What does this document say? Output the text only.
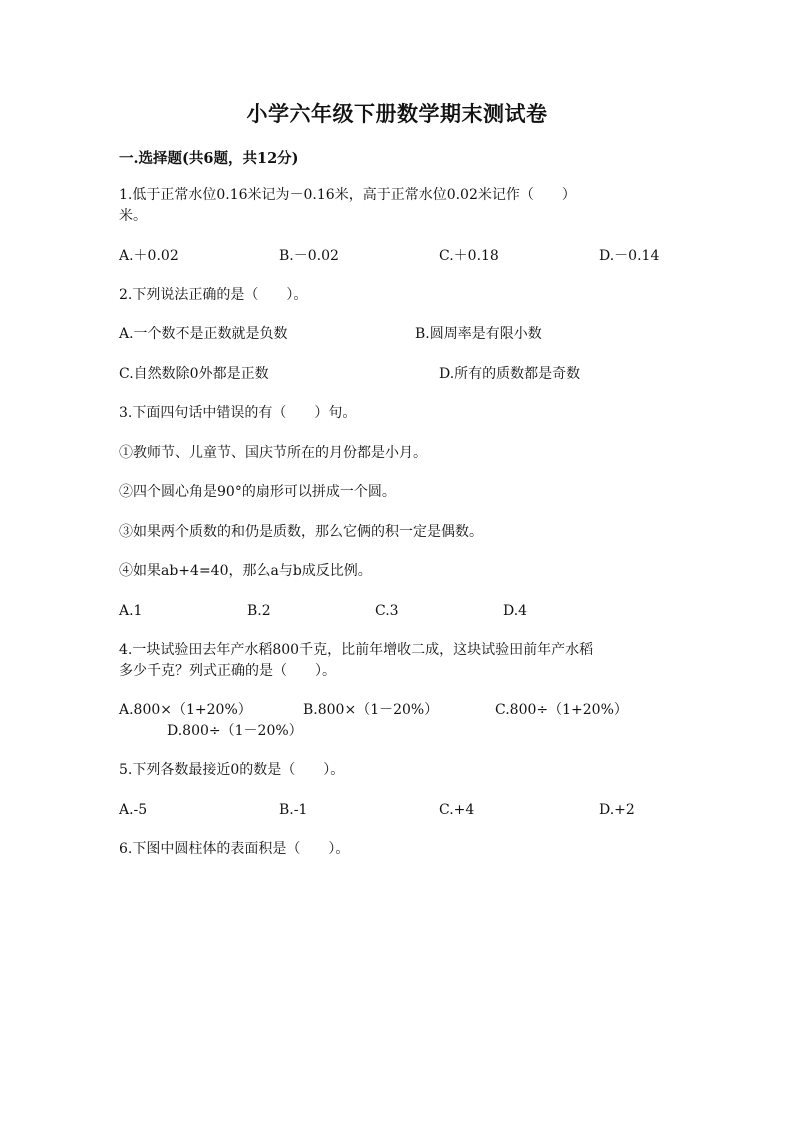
小学六年级下册数学期末测试卷
一.选择题(共6题，共12分)
1.低于正常水位0.16米记为－0.16米，高于正常水位0.02米记作（　　）
米。
A.＋0.02	B.－0.02	C.＋0.18	D.－0.14
2.下列说法正确的是（　　）。
A.一个数不是正数就是负数	B.圆周率是有限小数
C.自然数除0外都是正数	D.所有的质数都是奇数
3.下面四句话中错误的有（　　）句。
①教师节、儿童节、国庆节所在的月份都是小月。
②四个圆心角是90°的扇形可以拼成一个圆。
③如果两个质数的和仍是质数，那么它俩的积一定是偶数。
④如果ab+4=40，那么a与b成反比例。
A.1	B.2	C.3	D.4
4.一块试验田去年产水稻800千克，比前年增收二成，这块试验田前年产水稻
多少千克？列式正确的是（　　）。
A.800×（1+20%）	B.800×（1－20%）	C.800÷（1+20%）
D.800÷（1－20%）
5.下列各数最接近0的数是（　　）。
A.-5	B.-1	C.+4	D.+2
6.下图中圆柱体的表面积是（　　）。
